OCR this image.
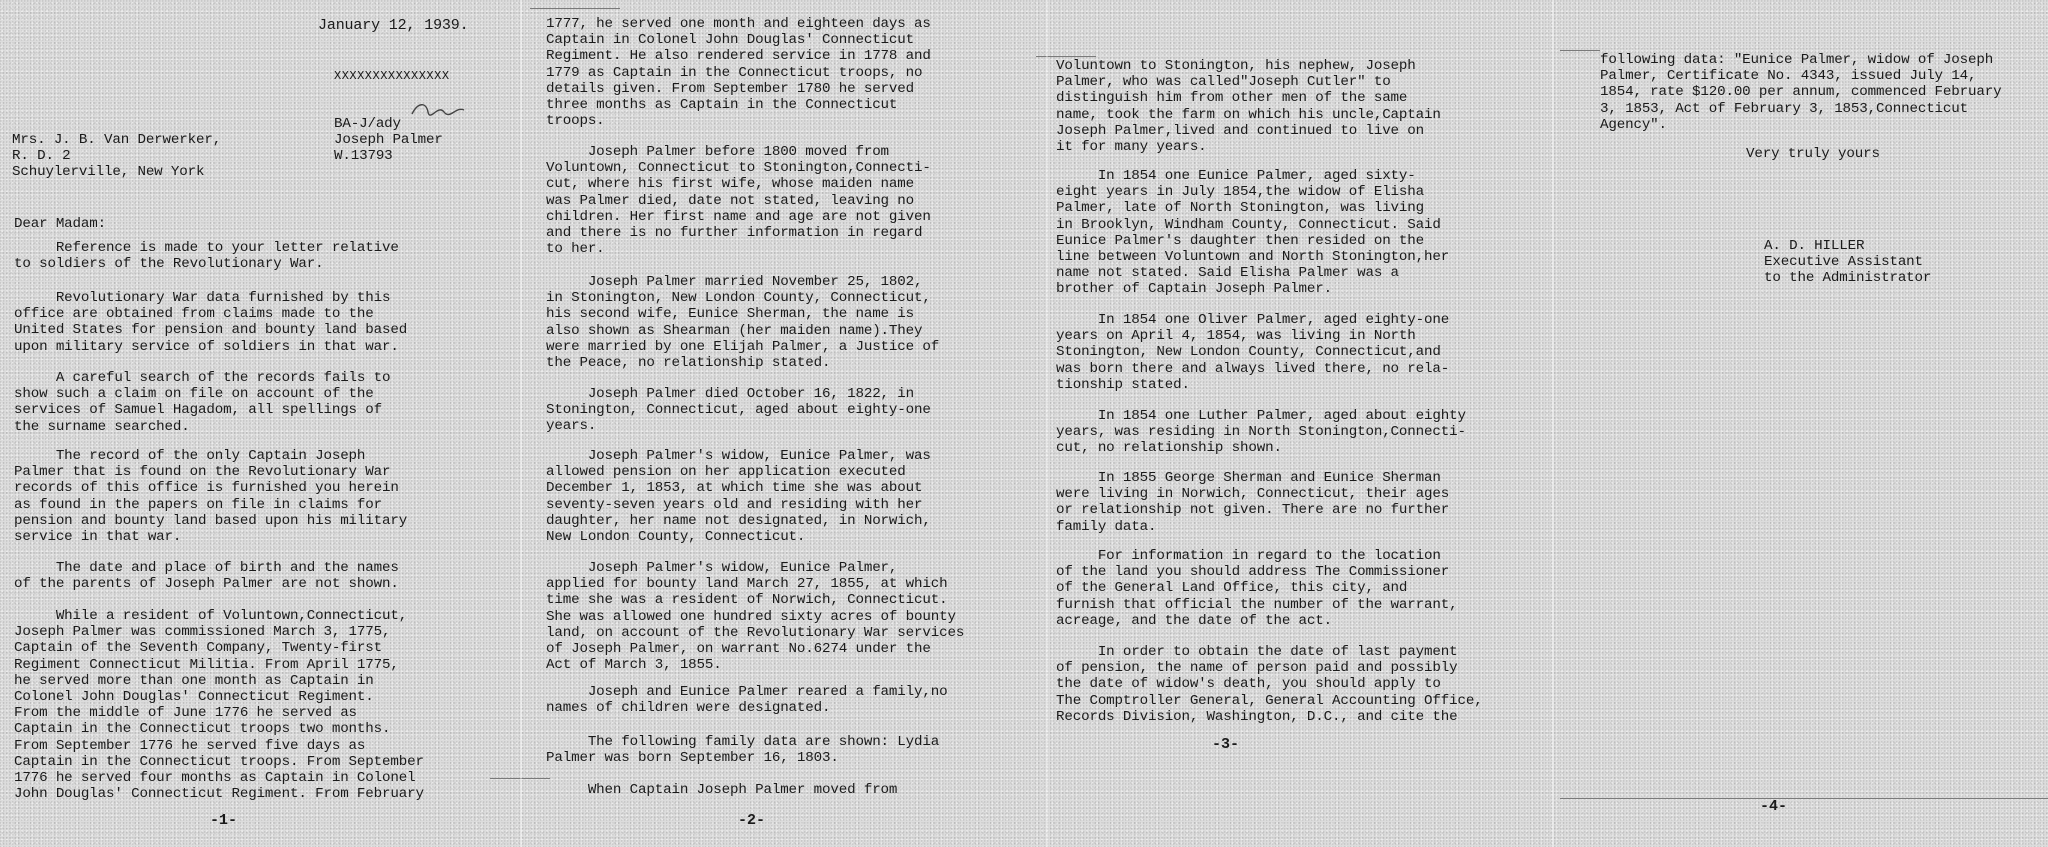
January 12, 1939.
XXXXXXXXXXXXXXX
BA-J/ady
Joseph Palmer
W.13793
Mrs. J. B. Van Derwerker,
R. D. 2
Schuylerville, New York
Dear Madam:
Reference is made to your letter relative
to soldiers of the Revolutionary War.
Revolutionary War data furnished by this
office are obtained from claims made to the
United States for pension and bounty land based
upon military service of soldiers in that war.
A careful search of the records fails to
show such a claim on file on account of the
services of Samuel Hagadom, all spellings of
the surname searched.
The record of the only Captain Joseph
Palmer that is found on the Revolutionary War
records of this office is furnished you herein
as found in the papers on file in claims for
pension and bounty land based upon his military
service in that war.
The date and place of birth and the names
of the parents of Joseph Palmer are not shown.
While a resident of Voluntown,Connecticut,
Joseph Palmer was commissioned March 3, 1775,
Captain of the Seventh Company, Twenty-first
Regiment Connecticut Militia. From April 1775,
he served more than one month as Captain in
Colonel John Douglas' Connecticut Regiment.
From the middle of June 1776 he served as
Captain in the Connecticut troops two months.
From September 1776 he served five days as
Captain in the Connecticut troops. From September
1776 he served four months as Captain in Colonel
John Douglas' Connecticut Regiment. From February
-1-
1777, he served one month and eighteen days as
Captain in Colonel John Douglas' Connecticut
Regiment. He also rendered service in 1778 and
1779 as Captain in the Connecticut troops, no
details given. From September 1780 he served
three months as Captain in the Connecticut
troops.
Joseph Palmer before 1800 moved from
Voluntown, Connecticut to Stonington,Connecti-
cut, where his first wife, whose maiden name
was Palmer died, date not stated, leaving no
children. Her first name and age are not given
and there is no further information in regard
to her.
Joseph Palmer married November 25, 1802,
in Stonington, New London County, Connecticut,
his second wife, Eunice Sherman, the name is
also shown as Shearman (her maiden name).They
were married by one Elijah Palmer, a Justice of
the Peace, no relationship stated.
Joseph Palmer died October 16, 1822, in
Stonington, Connecticut, aged about eighty-one
years.
Joseph Palmer's widow, Eunice Palmer, was
allowed pension on her application executed
December 1, 1853, at which time she was about
seventy-seven years old and residing with her
daughter, her name not designated, in Norwich,
New London County, Connecticut.
Joseph Palmer's widow, Eunice Palmer,
applied for bounty land March 27, 1855, at which
time she was a resident of Norwich, Connecticut.
She was allowed one hundred sixty acres of bounty
land, on account of the Revolutionary War services
of Joseph Palmer, on warrant No.6274 under the
Act of March 3, 1855.
Joseph and Eunice Palmer reared a family,no
names of children were designated.
The following family data are shown: Lydia
Palmer was born September 16, 1803.
When Captain Joseph Palmer moved from
-2-
Voluntown to Stonington, his nephew, Joseph
Palmer, who was called"Joseph Cutler" to
distinguish him from other men of the same
name, took the farm on which his uncle,Captain
Joseph Palmer,lived and continued to live on
it for many years.
In 1854 one Eunice Palmer, aged sixty-
eight years in July 1854,the widow of Elisha
Palmer, late of North Stonington, was living
in Brooklyn, Windham County, Connecticut. Said
Eunice Palmer's daughter then resided on the
line between Voluntown and North Stonington,her
name not stated. Said Elisha Palmer was a
brother of Captain Joseph Palmer.
In 1854 one Oliver Palmer, aged eighty-one
years on April 4, 1854, was living in North
Stonington, New London County, Connecticut,and
was born there and always lived there, no rela-
tionship stated.
In 1854 one Luther Palmer, aged about eighty
years, was residing in North Stonington,Connecti-
cut, no relationship shown.
In 1855 George Sherman and Eunice Sherman
were living in Norwich, Connecticut, their ages
or relationship not given. There are no further
family data.
For information in regard to the location
of the land you should address The Commissioner
of the General Land Office, this city, and
furnish that official the number of the warrant,
acreage, and the date of the act.
In order to obtain the date of last payment
of pension, the name of person paid and possibly
the date of widow's death, you should apply to
The Comptroller General, General Accounting Office,
Records Division, Washington, D.C., and cite the
-3-
following data: "Eunice Palmer, widow of Joseph
Palmer, Certificate No. 4343, issued July 14,
1854, rate $120.00 per annum, commenced February
3, 1853, Act of February 3, 1853,Connecticut
Agency".
Very truly yours
A. D. HILLER
Executive Assistant
to the Administrator
-4-
